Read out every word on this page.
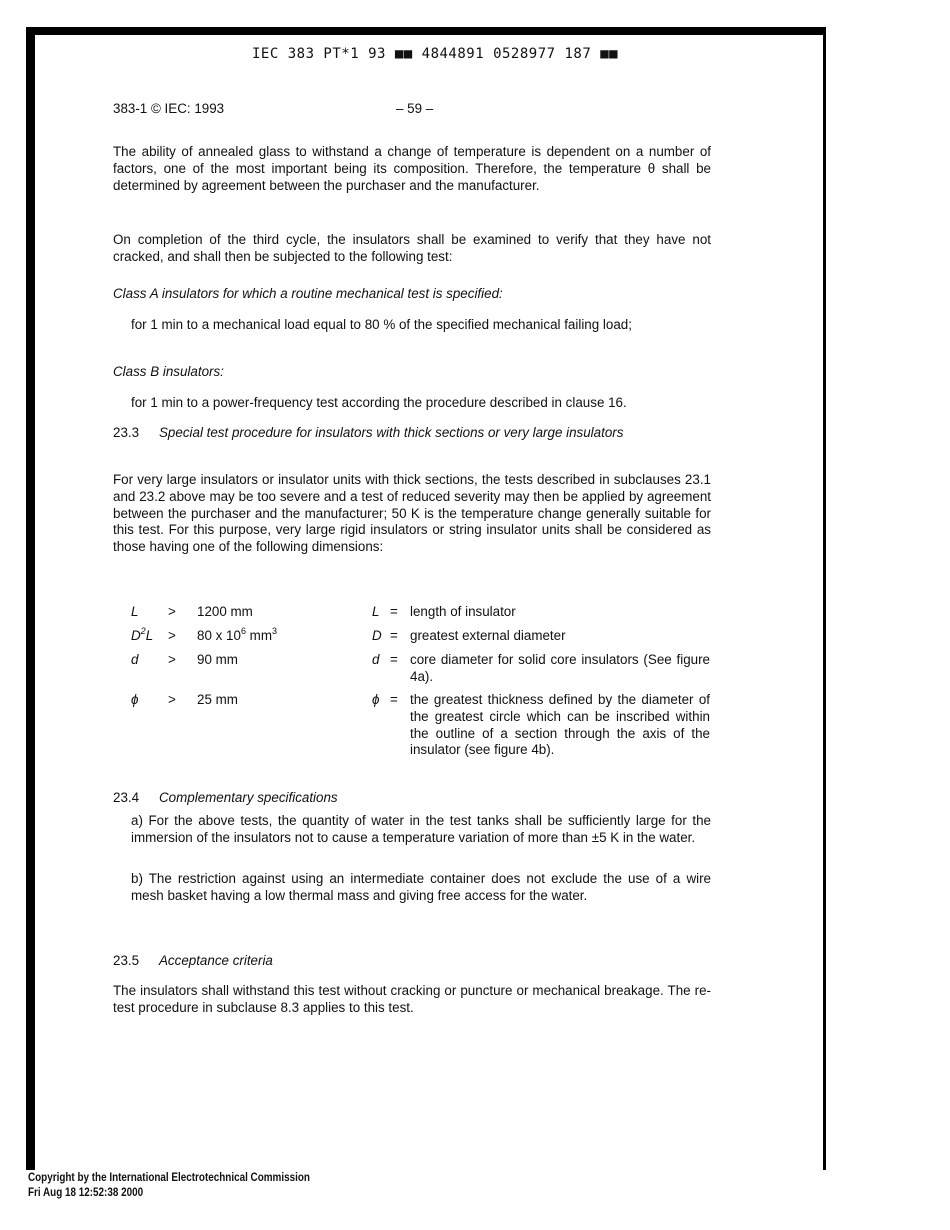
IEC 383 PT*1 93 ■■ 4844891 0528977 187 ■■
383-1 © IEC: 1993	– 59 –
The ability of annealed glass to withstand a change of temperature is dependent on a number of factors, one of the most important being its composition. Therefore, the temperature θ shall be determined by agreement between the purchaser and the manufacturer.
On completion of the third cycle, the insulators shall be examined to verify that they have not cracked, and shall then be subjected to the following test:
Class A insulators for which a routine mechanical test is specified:
for 1 min to a mechanical load equal to 80 % of the specified mechanical failing load;
Class B insulators:
for 1 min to a power-frequency test according the procedure described in clause 16.
23.3 Special test procedure for insulators with thick sections or very large insulators
For very large insulators or insulator units with thick sections, the tests described in subclauses 23.1 and 23.2 above may be too severe and a test of reduced severity may then be applied by agreement between the purchaser and the manufacturer; 50 K is the temperature change generally suitable for this test. For this purpose, very large rigid insulators or string insulator units shall be considered as those having one of the following dimensions:
L > 1200 mm	L = length of insulator
$D^2L > 80$ x $10^6$ $mm^3$	D = greatest external diameter
d > 90 mm	d = core diameter for solid core insulators (See figure 4a).
ϕ > 25 mm	ϕ = the greatest thickness defined by the diameter of the greatest circle which can be inscribed within the outline of a section through the axis of the insulator (see figure 4b).
23.4 Complementary specifications
a) For the above tests, the quantity of water in the test tanks shall be sufficiently large for the immersion of the insulators not to cause a temperature variation of more than ±5 K in the water.
b) The restriction against using an intermediate container does not exclude the use of a wire mesh basket having a low thermal mass and giving free access for the water.
23.5 Acceptance criteria
The insulators shall withstand this test without cracking or puncture or mechanical breakage. The re-test procedure in subclause 8.3 applies to this test.
Copyright by the International Electrotechnical Commission
Fri Aug 18 12:52:38 2000
